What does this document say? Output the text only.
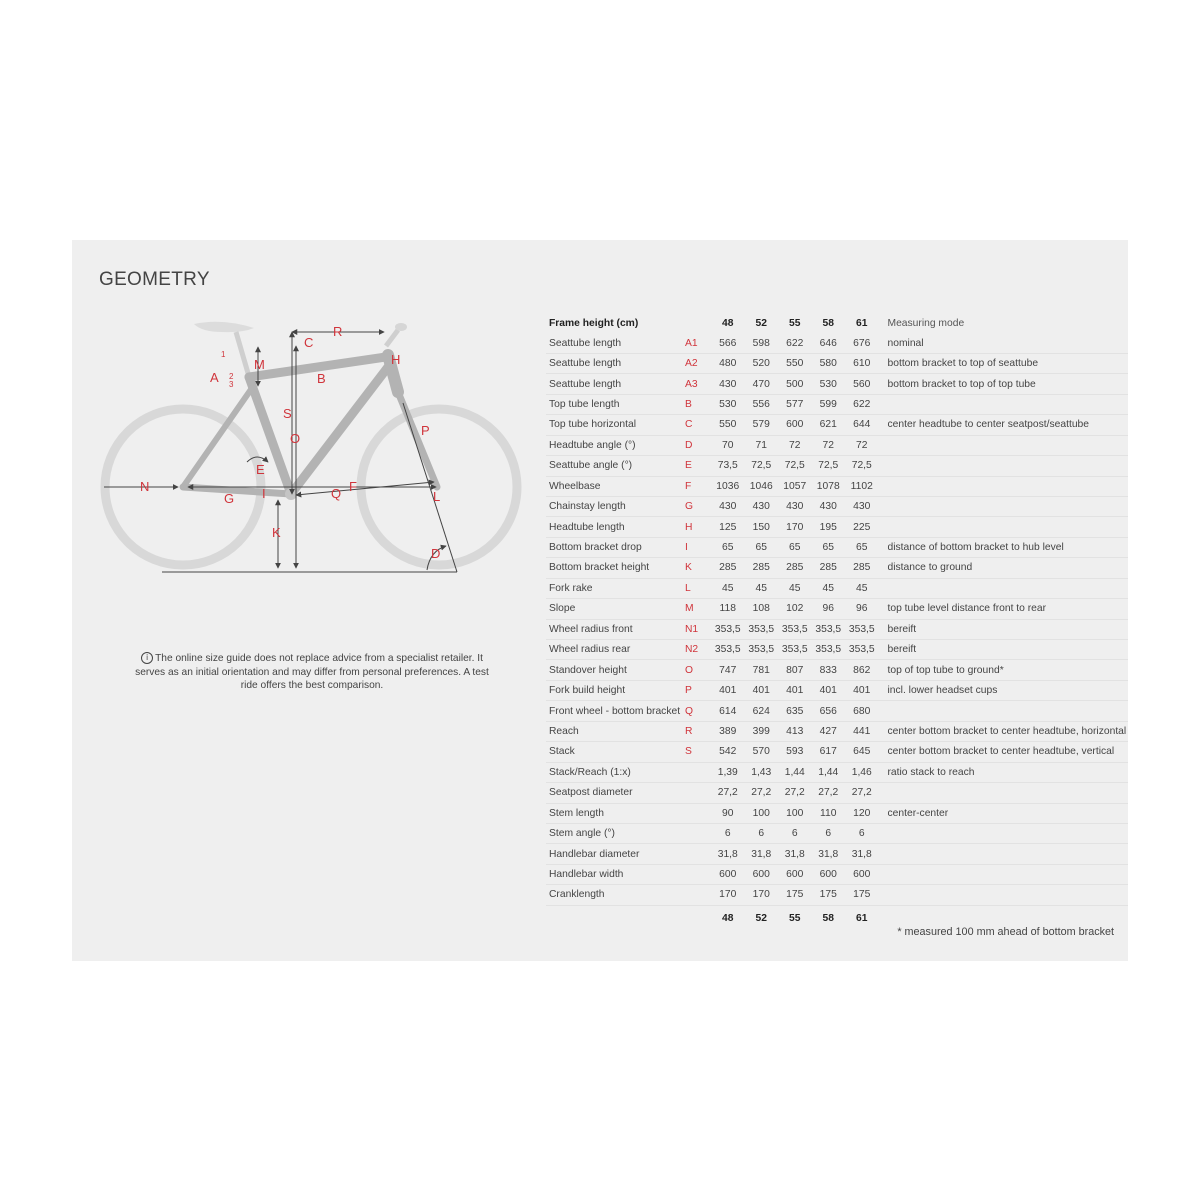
GEOMETRY
A
1
2
3
M
C
R
H
B
S
O
P
E
N
G I	Q F
L
K
D
i The online size guide does not replace advice from a specialist retailer. It serves as an initial orientation and may differ from personal preferences. A test ride offers the best comparison.
Frame height (cm)		48	52	55	58	61	Measuring mode
Seattube length	A1	566	598	622	646	676	nominal
Seattube length	A2	480	520	550	580	610	bottom bracket to top of seattube
Seattube length	A3	430	470	500	530	560	bottom bracket to top of top tube
Top tube length	B	530	556	577	599	622	
Top tube horizontal	C	550	579	600	621	644	center headtube to center seatpost/seattube
Headtube angle (°)	D	70	71	72	72	72	
Seattube angle (°)	E	73,5	72,5	72,5	72,5	72,5	
Wheelbase	F	1036	1046	1057	1078	1102	
Chainstay length	G	430	430	430	430	430	
Headtube length	H	125	150	170	195	225	
Bottom bracket drop	I	65	65	65	65	65	distance of bottom bracket to hub level
Bottom bracket height	K	285	285	285	285	285	distance to ground
Fork rake	L	45	45	45	45	45	
Slope	M	118	108	102	96	96	top tube level distance front to rear
Wheel radius front	N1	353,5	353,5	353,5	353,5	353,5	bereift
Wheel radius rear	N2	353,5	353,5	353,5	353,5	353,5	bereift
Standover height	O	747	781	807	833	862	top of top tube to ground*
Fork build height	P	401	401	401	401	401	incl. lower headset cups
Front wheel - bottom bracket	Q	614	624	635	656	680	
Reach	R	389	399	413	427	441	center bottom bracket to center headtube, horizontal
Stack	S	542	570	593	617	645	center bottom bracket to center headtube, vertical
Stack/Reach (1:x)		1,39	1,43	1,44	1,44	1,46	ratio stack to reach
Seatpost diameter		27,2	27,2	27,2	27,2	27,2	
Stem length		90	100	100	110	120	center-center
Stem angle (°)		6	6	6	6	6	
Handlebar diameter		31,8	31,8	31,8	31,8	31,8	
Handlebar width		600	600	600	600	600	
Cranklength		170	170	175	175	175	
		48	52	55	58	61	
* measured 100 mm ahead of bottom bracket
